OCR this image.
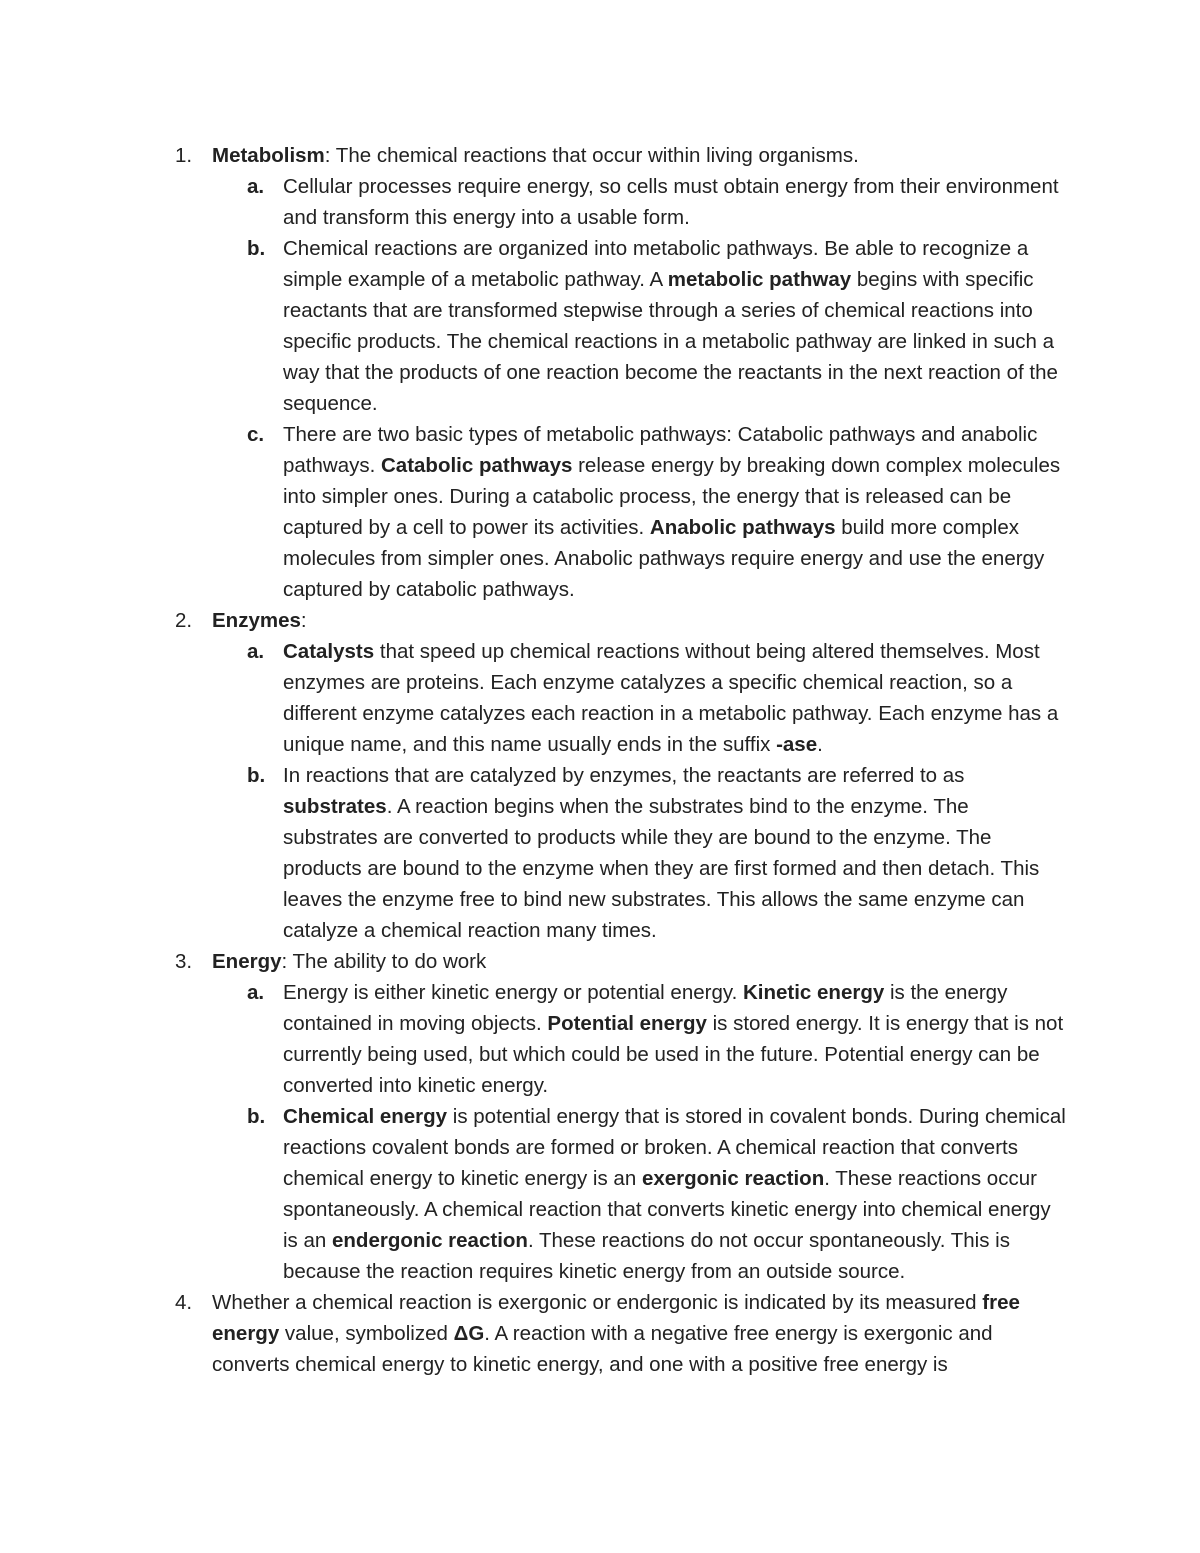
1. Metabolism: The chemical reactions that occur within living organisms.
a. Cellular processes require energy, so cells must obtain energy from their environment and transform this energy into a usable form.
b. Chemical reactions are organized into metabolic pathways. Be able to recognize a simple example of a metabolic pathway. A metabolic pathway begins with specific reactants that are transformed stepwise through a series of chemical reactions into specific products. The chemical reactions in a metabolic pathway are linked in such a way that the products of one reaction become the reactants in the next reaction of the sequence.
c. There are two basic types of metabolic pathways: Catabolic pathways and anabolic pathways. Catabolic pathways release energy by breaking down complex molecules into simpler ones. During a catabolic process, the energy that is released can be captured by a cell to power its activities. Anabolic pathways build more complex molecules from simpler ones. Anabolic pathways require energy and use the energy captured by catabolic pathways.
2. Enzymes:
a. Catalysts that speed up chemical reactions without being altered themselves. Most enzymes are proteins. Each enzyme catalyzes a specific chemical reaction, so a different enzyme catalyzes each reaction in a metabolic pathway. Each enzyme has a unique name, and this name usually ends in the suffix -ase.
b. In reactions that are catalyzed by enzymes, the reactants are referred to as substrates. A reaction begins when the substrates bind to the enzyme. The substrates are converted to products while they are bound to the enzyme. The products are bound to the enzyme when they are first formed and then detach. This leaves the enzyme free to bind new substrates. This allows the same enzyme can catalyze a chemical reaction many times.
3. Energy: The ability to do work
a. Energy is either kinetic energy or potential energy. Kinetic energy is the energy contained in moving objects. Potential energy is stored energy. It is energy that is not currently being used, but which could be used in the future. Potential energy can be converted into kinetic energy.
b. Chemical energy is potential energy that is stored in covalent bonds. During chemical reactions covalent bonds are formed or broken. A chemical reaction that converts chemical energy to kinetic energy is an exergonic reaction. These reactions occur spontaneously. A chemical reaction that converts kinetic energy into chemical energy is an endergonic reaction. These reactions do not occur spontaneously. This is because the reaction requires kinetic energy from an outside source.
4. Whether a chemical reaction is exergonic or endergonic is indicated by its measured free energy value, symbolized ΔG. A reaction with a negative free energy is exergonic and converts chemical energy to kinetic energy, and one with a positive free energy is
